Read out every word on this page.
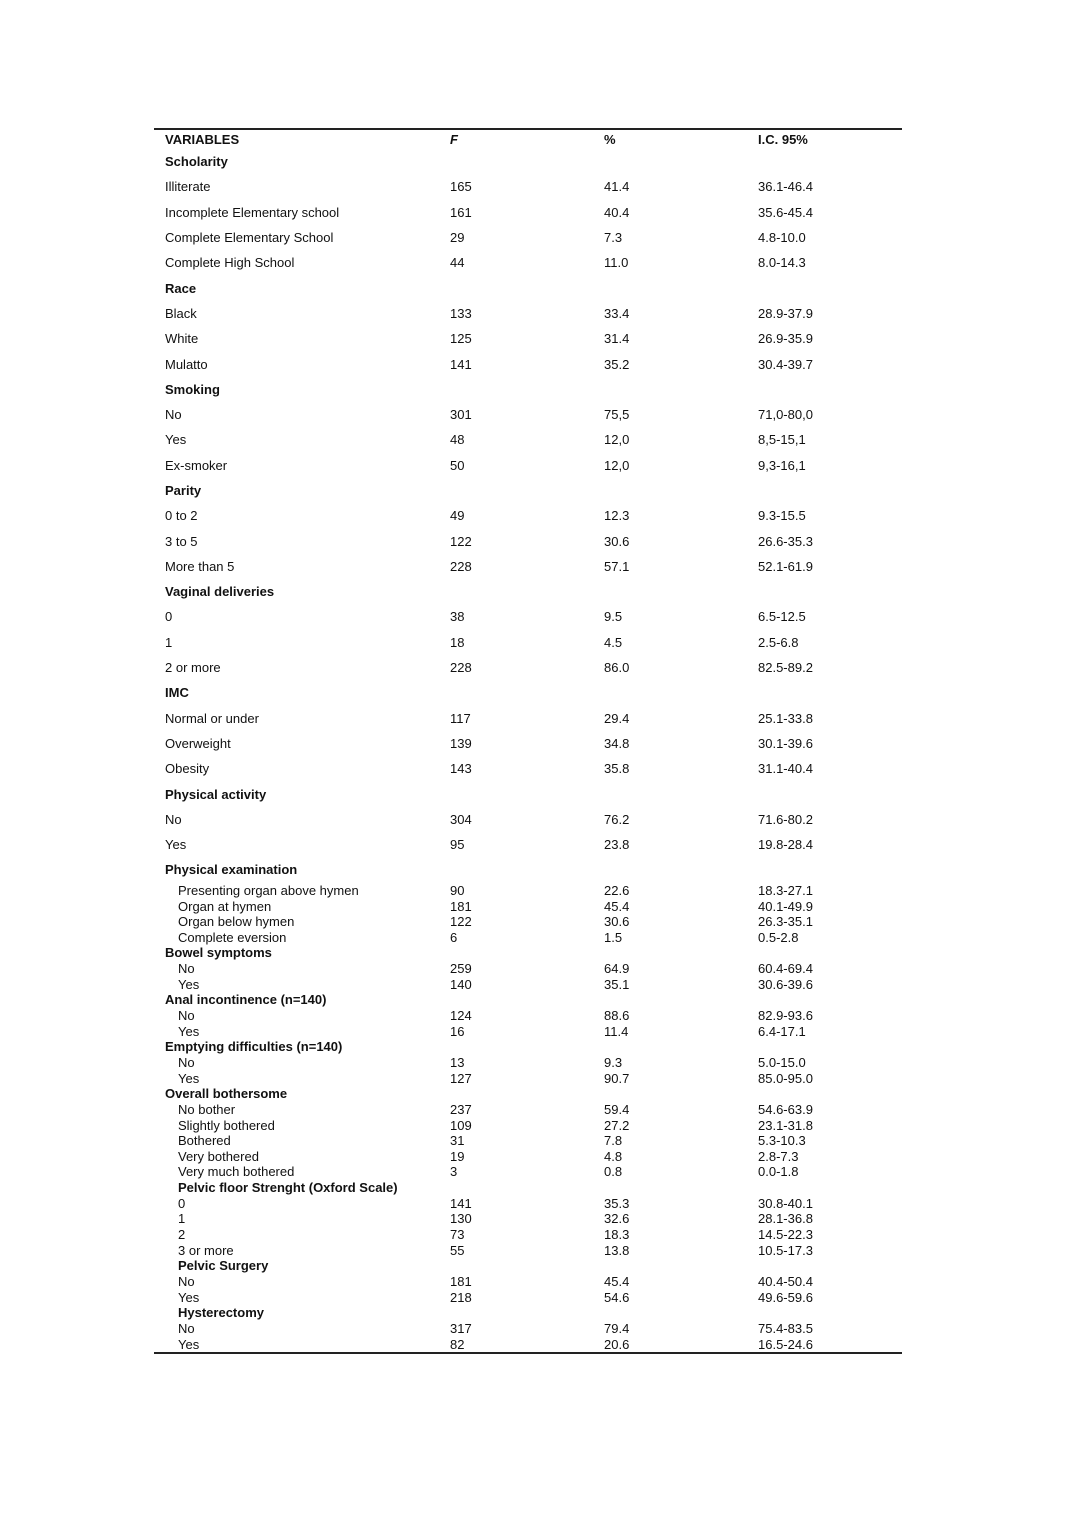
VARIABLES	F	%	I.C. 95%
Scholarity
Illiterate	165	41.4	36.1-46.4
Incomplete Elementary school	161	40.4	35.6-45.4
Complete Elementary School	29	7.3	4.8-10.0
Complete High School	44	11.0	8.0-14.3
Race
Black	133	33.4	28.9-37.9
White	125	31.4	26.9-35.9
Mulatto	141	35.2	30.4-39.7
Smoking
No	301	75,5	71,0-80,0
Yes	48	12,0	8,5-15,1
Ex-smoker	50	12,0	9,3-16,1
Parity
0 to 2	49	12.3	9.3-15.5
3 to 5	122	30.6	26.6-35.3
More than 5	228	57.1	52.1-61.9
Vaginal deliveries
0	38	9.5	6.5-12.5
1	18	4.5	2.5-6.8
2 or more	228	86.0	82.5-89.2
IMC
Normal or under	117	29.4	25.1-33.8
Overweight	139	34.8	30.1-39.6
Obesity	143	35.8	31.1-40.4
Physical activity
No	304	76.2	71.6-80.2
Yes	95	23.8	19.8-28.4
Physical examination
Presenting organ above hymen	90	22.6	18.3-27.1
Organ at hymen	181	45.4	40.1-49.9
Organ below hymen	122	30.6	26.3-35.1
Complete eversion	6	1.5	0.5-2.8
Bowel symptoms
No	259	64.9	60.4-69.4
Yes	140	35.1	30.6-39.6
Anal incontinence (n=140)
No	124	88.6	82.9-93.6
Yes	16	11.4	6.4-17.1
Emptying difficulties (n=140)
No	13	9.3	5.0-15.0
Yes	127	90.7	85.0-95.0
Overall bothersome
No bother	237	59.4	54.6-63.9
Slightly bothered	109	27.2	23.1-31.8
Bothered	31	7.8	5.3-10.3
Very bothered	19	4.8	2.8-7.3
Very much bothered	3	0.8	0.0-1.8
Pelvic floor Strenght (Oxford Scale)
0	141	35.3	30.8-40.1
1	130	32.6	28.1-36.8
2	73	18.3	14.5-22.3
3 or more	55	13.8	10.5-17.3
Pelvic Surgery
No	181	45.4	40.4-50.4
Yes	218	54.6	49.6-59.6
Hysterectomy
No	317	79.4	75.4-83.5
Yes	82	20.6	16.5-24.6
